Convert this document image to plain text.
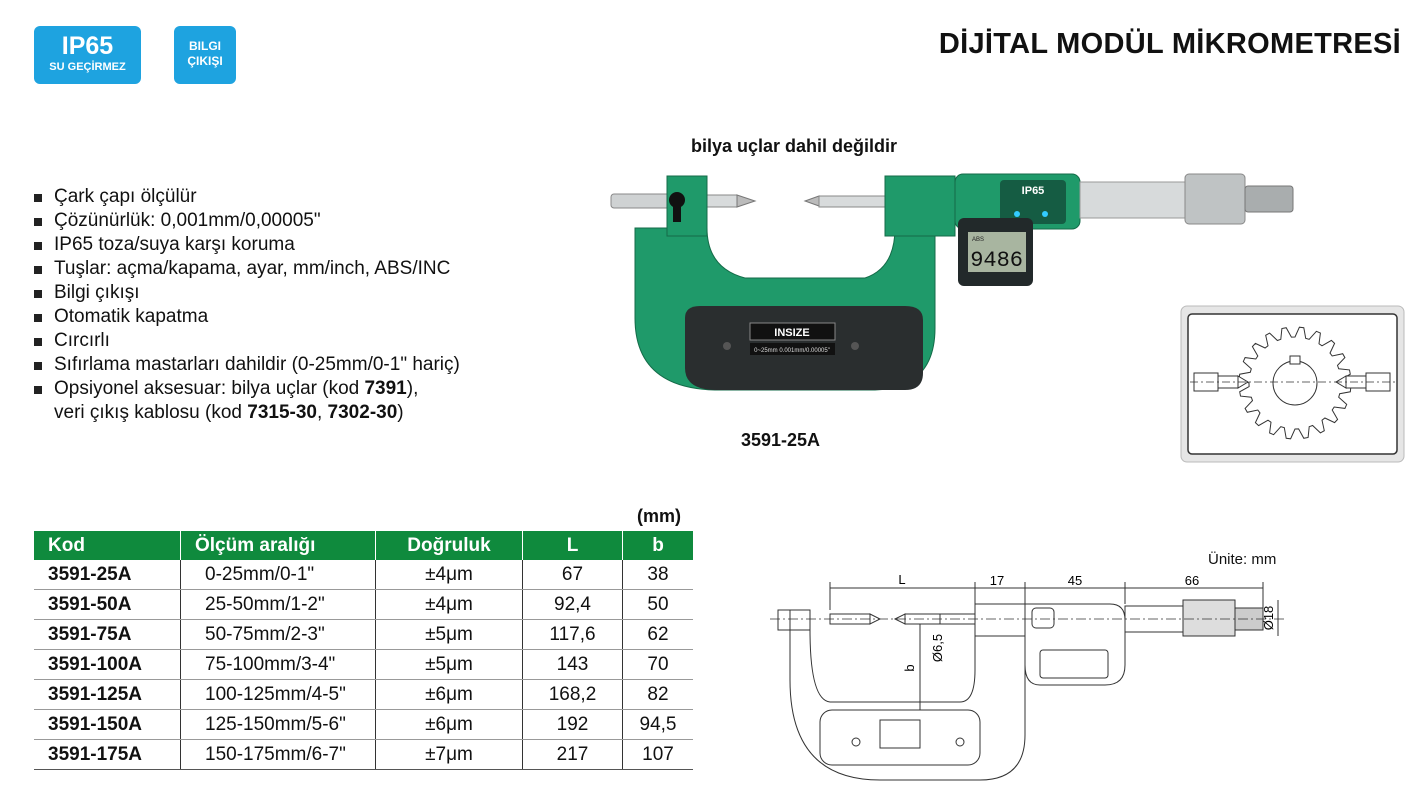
IP65
SU GEÇİRMEZ
BILGI
ÇIKIŞI
DİJİTAL MODÜL MİKROMETRESİ
bilya uçlar dahil değildir
Çark çapı ölçülür
Çözünürlük: 0,001mm/0,00005"
IP65 toza/suya karşı koruma
Tuşlar: açma/kapama, ayar, mm/inch, ABS/INC
Bilgi çıkışı
Otomatik kapatma
Cırcırlı
Sıfırlama mastarları dahildir (0-25mm/0-1" hariç)
Opsiyonel aksesuar: bilya uçlar (kod 7391),
veri çıkış kablosu (kod 7315-30, 7302-30)
INSIZE
0~25mm 0.001mm/0.00005"
IP65
ABS
9486
3591-25A
(mm)
Kod	Ölçüm aralığı	Doğruluk	L	b
3591-25A	0-25mm/0-1"	±4μm	67	38
3591-50A	25-50mm/1-2"	±4μm	92,4	50
3591-75A	50-75mm/2-3"	±5μm	117,6	62
3591-100A	75-100mm/3-4"	±5μm	143	70
3591-125A	100-125mm/4-5"	±6μm	168,2	82
3591-150A	125-150mm/5-6"	±6μm	192	94,5
3591-175A	150-175mm/6-7"	±7μm	217	107
Ünite: mm
L	17	45	66
Ø18
Ø6,5
b
